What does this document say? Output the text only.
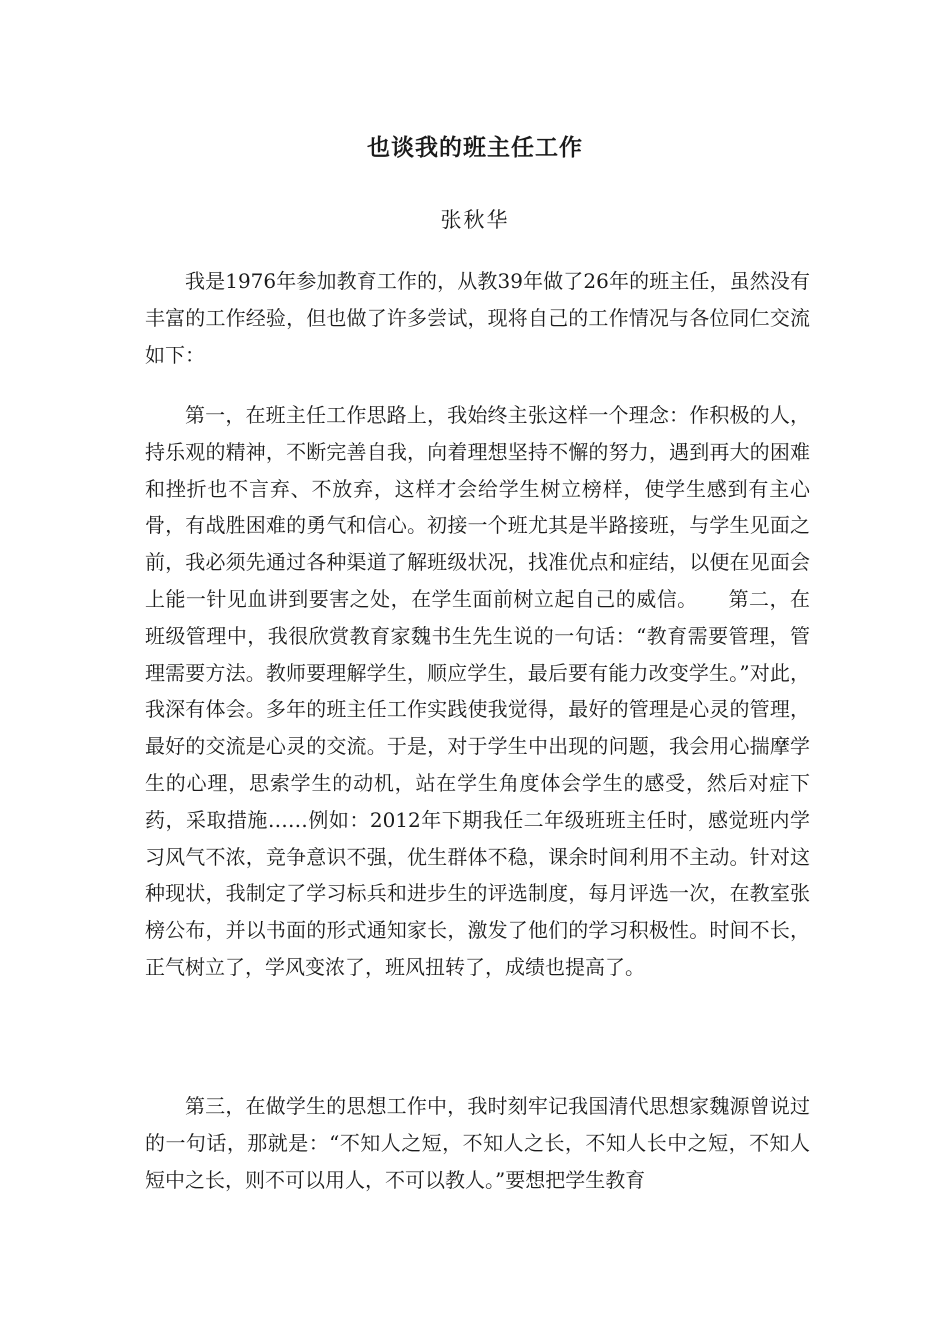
也谈我的班主任工作
张秋华

我是1976年参加教育工作的，从教39年做了26年的班主任，虽然没有丰富的工作经验，但也做了许多尝试，现将自己的工作情况与各位同仁交流如下：

第一，在班主任工作思路上，我始终主张这样一个理念：作积极的人，持乐观的精神，不断完善自我，向着理想坚持不懈的努力，遇到再大的困难和挫折也不言弃、不放弃，这样才会给学生树立榜样，使学生感到有主心骨，有战胜困难的勇气和信心。初接一个班尤其是半路接班，与学生见面之前，我必须先通过各种渠道了解班级状况，找准优点和症结，以便在见面会上能一针见血讲到要害之处，在学生面前树立起自己的威信。　　第二，在班级管理中，我很欣赏教育家魏书生先生说的一句话：“教育需要管理，管理需要方法。教师要理解学生，顺应学生，最后要有能力改变学生。”对此，我深有体会。多年的班主任工作实践使我觉得，最好的管理是心灵的管理，最好的交流是心灵的交流。于是，对于学生中出现的问题，我会用心揣摩学生的心理，思索学生的动机，站在学生角度体会学生的感受，然后对症下药，采取措施……例如：2012年下期我任二年级班班主任时，感觉班内学习风气不浓，竞争意识不强，优生群体不稳，课余时间利用不主动。针对这种现状，我制定了学习标兵和进步生的评选制度，每月评选一次，在教室张榜公布，并以书面的形式通知家长，激发了他们的学习积极性。时间不长，正气树立了，学风变浓了，班风扭转了，成绩也提高了。

第三，在做学生的思想工作中，我时刻牢记我国清代思想家魏源曾说过的一句话，那就是：“不知人之短，不知人之长，不知人长中之短，不知人短中之长，则不可以用人，不可以教人。”要想把学生教育
